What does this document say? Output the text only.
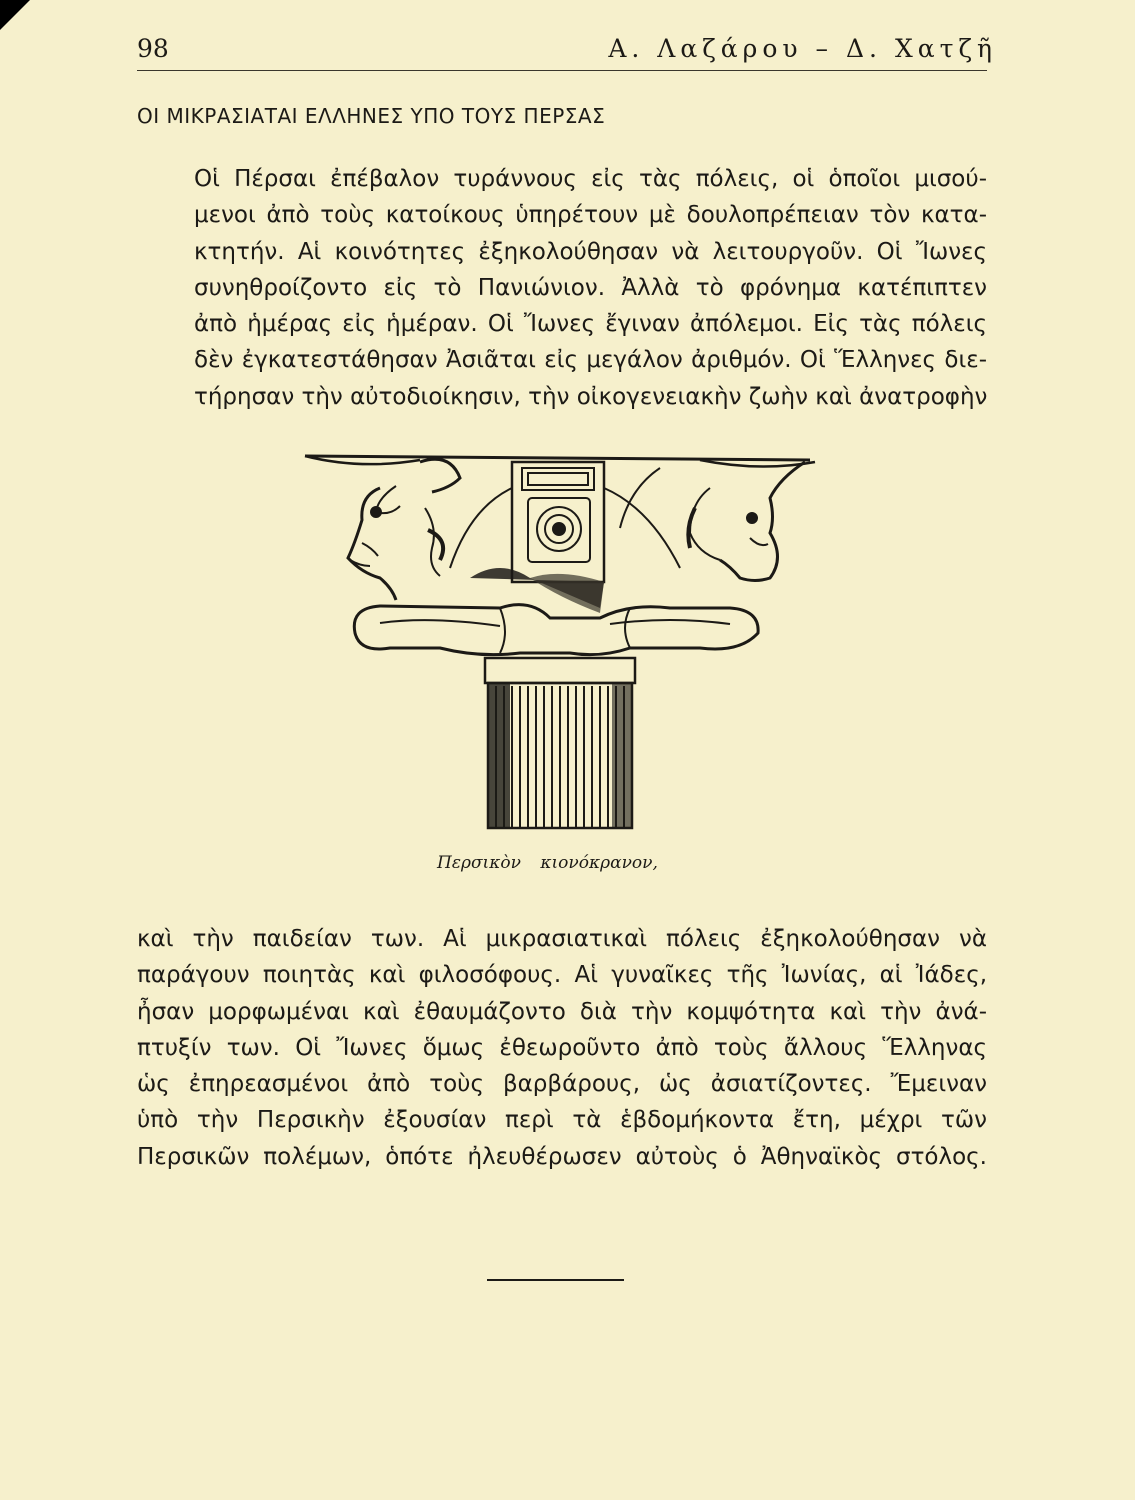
98	Α. Λαζάρου – Δ. Χατζῆ
ΟΙ ΜΙΚΡΑΣΙΑΤΑΙ ΕΛΛΗΝΕΣ ΥΠΟ ΤΟΥΣ ΠΕΡΣΑΣ

Οἱ Πέρσαι ἐπέβαλον τυράννους εἰς τὰς πόλεις, οἱ ὁποῖοι μισού-
μενοι ἀπὸ τοὺς κατοίκους ὑπηρέτουν μὲ δουλοπρέπειαν τὸν κατα-
κτητήν. Αἱ κοινότητες ἐξηκολούθησαν νὰ λειτουργοῦν. Οἱ Ἴωνες
συνηθροίζοντο εἰς τὸ Πανιώνιον. Ἀλλὰ τὸ φρόνημα κατέπιπτεν
ἀπὸ ἡμέρας εἰς ἡμέραν. Οἱ Ἴωνες ἔγιναν ἀπόλεμοι. Εἰς τὰς πόλεις
δὲν ἐγκατεστάθησαν Ἀσιᾶται εἰς μεγάλον ἀριθμόν. Οἱ Ἕλληνες διε-
τήρησαν τὴν αὐτοδιοίκησιν, τὴν οἰκογενειακὴν ζωὴν καὶ ἀνατροφὴν

Περσικὸν κιονόκρανον,

καὶ τὴν παιδείαν των. Αἱ μικρασιατικαὶ πόλεις ἐξηκολούθησαν νὰ
παράγουν ποιητὰς καὶ φιλοσόφους. Αἱ γυναῖκες τῆς Ἰωνίας, αἱ Ἰάδες,
ἦσαν μορφωμέναι καὶ ἐθαυμάζοντο διὰ τὴν κομψότητα καὶ τὴν ἀνά-
πτυξίν των. Οἱ Ἴωνες ὅμως ἐθεωροῦντο ἀπὸ τοὺς ἄλλους Ἕλληνας
ὡς ἐπηρεασμένοι ἀπὸ τοὺς βαρβάρους, ὡς ἀσιατίζοντες. Ἔμειναν
ὑπὸ τὴν Περσικὴν ἐξουσίαν περὶ τὰ ἑβδομήκοντα ἔτη, μέχρι τῶν
Περσικῶν πολέμων, ὁπότε ἠλευθέρωσεν αὐτοὺς ὁ Ἀθηναϊκὸς στόλος.
